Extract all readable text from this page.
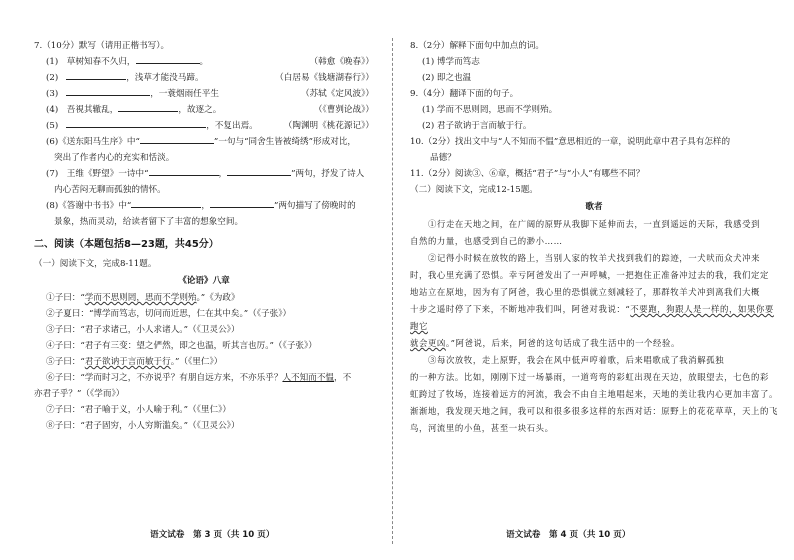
7.（10分）默写（请用正楷书写）。
(1)　草树知春不久归，	。	（韩愈《晚春》）
(2)	，浅草才能没马蹄。	（白居易《钱塘湖春行》）
(3)	，一蓑烟雨任平生	（苏轼《定风波》）
(4)　吾視其辙乱，	，故逐之。	（《曹刿论战》）
(5)	，不复出焉。	（陶渊明《桃花源记》）
(6)《送东阳马生序》中“	”一句与“同舍生皆被绮绣”形成对比，
突出了作者内心的充实和恬淡。
(7)　王维《野望》一诗中“	，	”两句，抒发了诗人
内心苦闷无聊而孤独的情怀。
(8)《答谢中书书》中“	，	”两句描写了傍晚时的
景象，热而灵动，给读者留下了丰富的想象空间。
二、阅读（本题包括8—23题，共45分）
（一）阅读下文，完成8-11题。
《论语》八章
①子曰：“学而不思则罔，思而不学则殆。”《为政》
②子夏曰：“博学而笃志，切问而近思，仁在其中矣。”（《子张》）
③子曰：“君子求诸己，小人求诸人。”（《卫灵公》）
④子曰：“君子有三变：望之俨然，即之也温，听其言也厉。”（《子张》）
⑤子曰：“君子欲讷于言而敏于行。”（《里仁》）
⑥子曰：“学而时习之，不亦说乎？有朋自远方来，不亦乐乎？人不知而不愠，不
亦君子乎？”（《学而》）
⑦子曰：“君子喻于义，小人喻于利。”（《里仁》）
⑧子曰：“君子固穷，小人穷斯滥矣。”（《卫灵公》）
语文试卷　第 3 页（共 10 页）
8.（2分）解释下面句中加点的词。
(1) 博学而笃志
(2) 即之也温
9.（4分）翻译下面的句子。
(1) 学而不思则罔，思而不学则殆。
(2) 君子欲讷于言而敏于行。
10.（2分）找出文中与“人不知而不愠”意思相近的一章，说明此章中君子具有怎样的
品德？
11.（2分）阅读③、⑥章，概括“君子”与“小人”有哪些不同？
（二）阅读下文，完成12-15题。
歌者
①行走在天地之间，在广阔的原野从我脚下延伸而去，一直到遥远的天际，我感受到
自然的力量，也感受到自己的渺小……
②记得小时候在放牧的路上，当别人家的牧羊犬找到我们的踪迹，一犬吠而众犬冲来
时，我心里充满了恐惧。幸亏阿爸发出了一声呼喊，一把抱住正准备冲过去的我，我们定定
地站立在原地，因为有了阿爸，我心里的恐惧就立刻减轻了，那群牧羊犬冲到离我们大概
十步之遥时停了下来，不断地冲我们叫，阿爸对我说：“不要跑，狗跟人是一样的，如果你要跑它
就会更凶。”阿爸说，后来，阿爸的这句话成了我生活中的一个经验。
③每次放牧，走上原野，我会在风中低声哼着歌，后来唱歌成了我消解孤独
的一种方法。比如，刚刚下过一场暴雨，一道弯弯的彩虹出现在天边，放眼望去，七色的彩
虹跨过了牧场，连接着远方的河流，我会不由自主地唱起来，天地的美让我内心更加丰富了。
渐渐地，我发现天地之间，我可以和很多很多这样的东西对话：原野上的花花草草，天上的飞
鸟，河流里的小鱼，甚至一块石头。
语文试卷　第 4 页（共 10 页）
